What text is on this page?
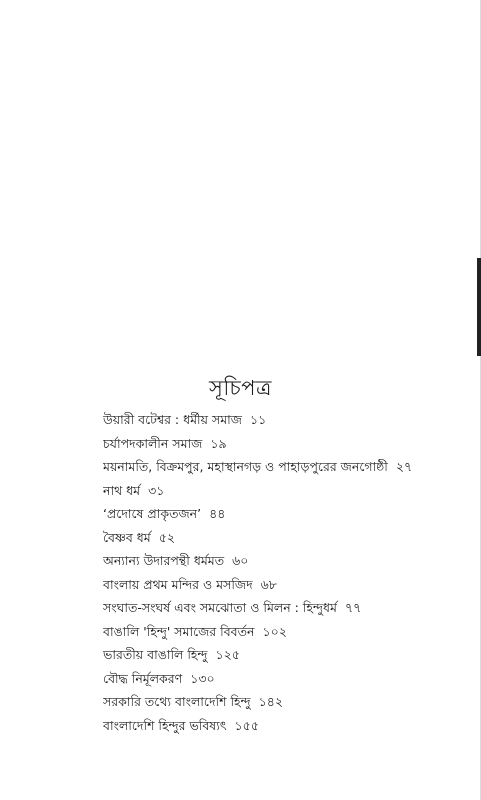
সূচিপত্র
উয়ারী বটেশ্বর : ধর্মীয় সমাজ ১১
চর্যাপদকালীন সমাজ ১৯
ময়নামতি, বিক্রমপুর, মহাস্থানগড় ও পাহাড়পুরের জনগোষ্ঠী ২৭
নাথ ধর্ম ৩১
‘প্রদোষে প্রাকৃতজন’ ৪৪
বৈষ্ণব ধর্ম ৫২
অন্যান্য উদারপন্থী ধর্মমত ৬০
বাংলায় প্রথম মন্দির ও মসজিদ ৬৮
সংঘাত-সংঘর্ষ এবং সমঝোতা ও মিলন : হিন্দুধর্ম ৭৭
বাঙালি 'হিন্দু' সমাজের বিবর্তন ১০২
ভারতীয় বাঙালি হিন্দু ১২৫
বৌদ্ধ নির্মূলকরণ ১৩০
সরকারি তথ্যে বাংলাদেশি হিন্দু ১৪২
বাংলাদেশি হিন্দুর ভবিষ্যৎ ১৫৫
